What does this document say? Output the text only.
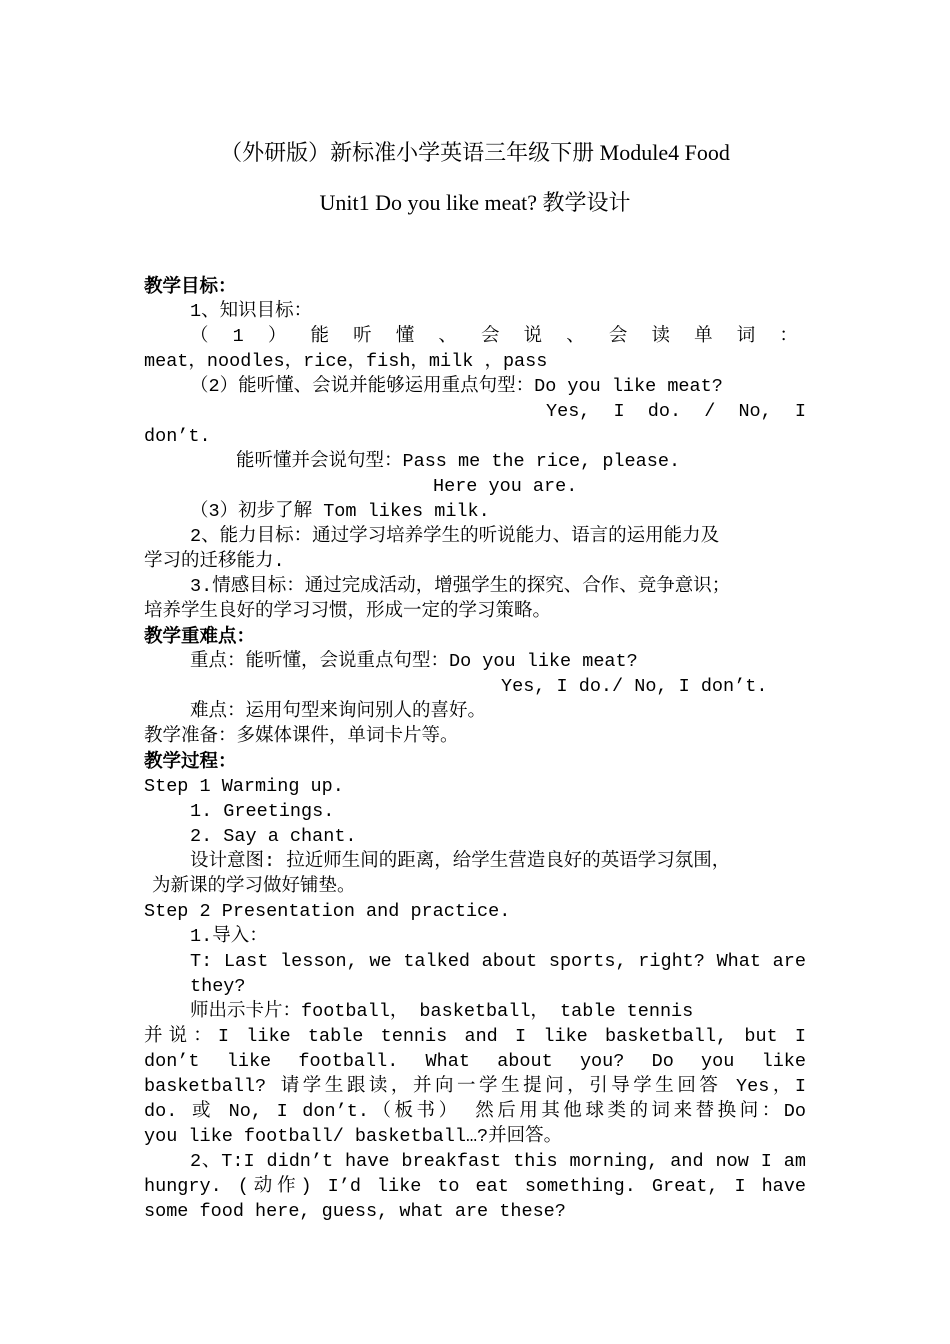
（外研版）新标准小学英语三年级下册 Module4 Food
Unit1 Do you like meat? 教学设计
教学目标：
1、知识目标：
（ 1 ） 能 听 懂 、 会 说 、 会 读 单 词 ：
meat，noodles，rice，fish，milk ，pass
（2）能听懂、会说并能够运用重点句型：Do you like meat?
Yes, I do. / No, I
don’t.
能听懂并会说句型：Pass me the rice, please.
Here you are.
（3）初步了解 Tom likes milk.
2、能力目标：通过学习培养学生的听说能力、语言的运用能力及
学习的迁移能力.
3.情感目标：通过完成活动，增强学生的探究、合作、竞争意识；
培养学生良好的学习习惯，形成一定的学习策略。
教学重难点：
重点：能听懂，会说重点句型：Do you like meat?
Yes, I do./ No, I don’t.
难点：运用句型来询问别人的喜好。
教学准备：多媒体课件，单词卡片等。
教学过程：
Step 1 Warming up.
1. Greetings.
2. Say a chant.
设计意图: 拉近师生间的距离，给学生营造良好的英语学习氛围，
为新课的学习做好铺垫。
Step 2 Presentation and practice.
1.导入：
T: Last lesson, we talked about sports, right? What are
they?
师出示卡片：football， basketball， table tennis
并说：I like table tennis and I like basketball, but I
don’t like football. What about you? Do you like
basketball? 请学生跟读，并向一学生提问，引导学生回答 Yes，I
do. 或 No, I don’t.（板书） 然后用其他球类的词来替换问：Do
you like football/ basketball…?并回答。
2、T:I didn’t have breakfast this morning, and now I am
hungry. (动作) I’d like to eat something. Great, I have
some food here, guess, what are these?
